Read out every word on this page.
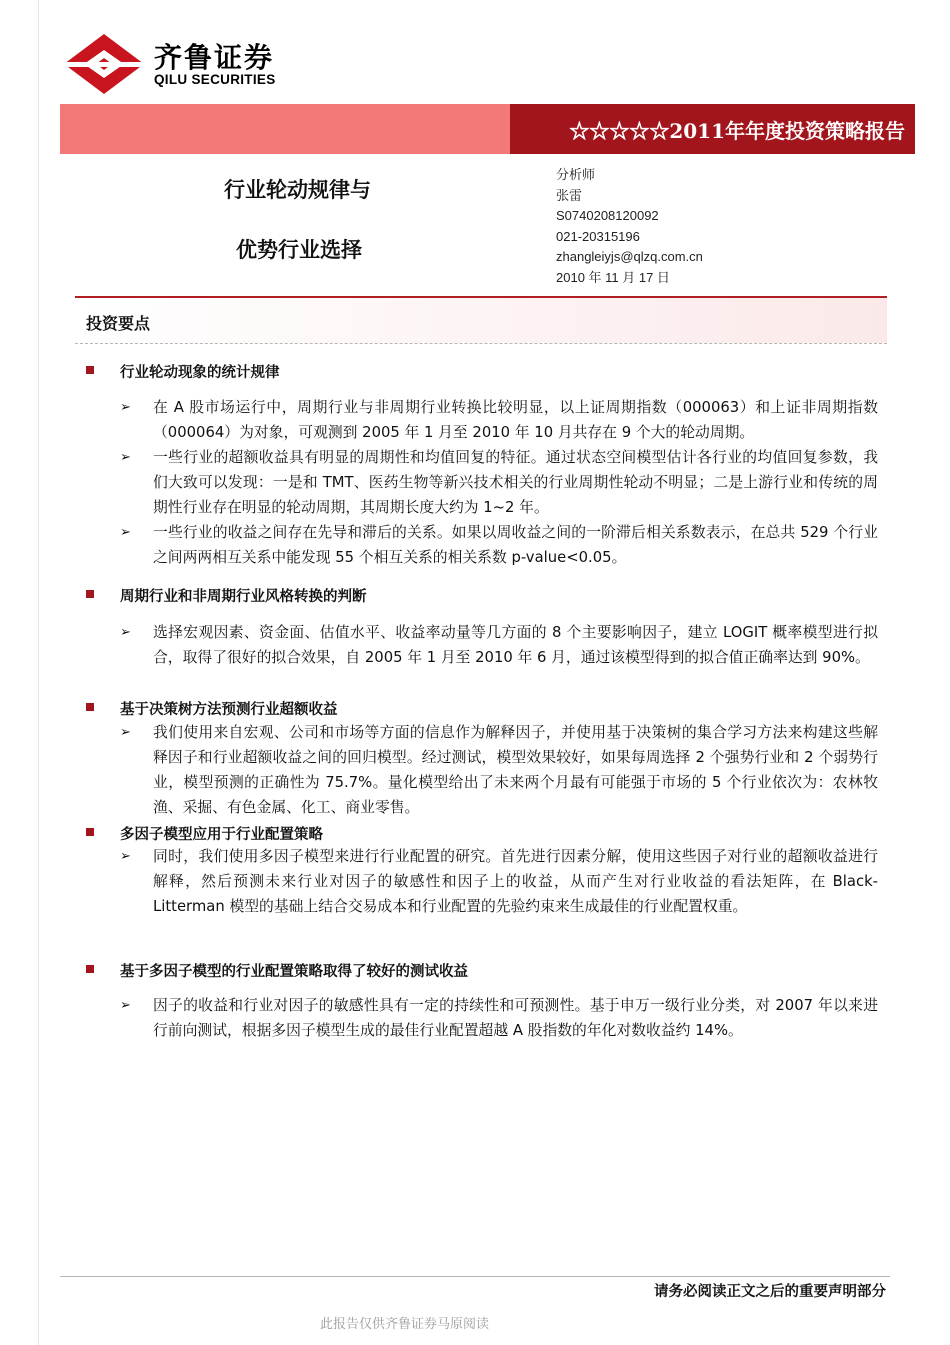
齐鲁证券
QILU SECURITIES
☆☆☆☆☆2011年年度投资策略报告
行业轮动规律与
优势行业选择
分析师
张雷
S0740208120092
021-20315196
zhangleiyjs@qlzq.com.cn
2010 年 11 月 17 日
投资要点
行业轮动现象的统计规律
➢ 在 A 股市场运行中，周期行业与非周期行业转换比较明显，以上证周期指数（000063）和上证非周期指数（000064）为对象，可观测到 2005 年 1 月至 2010 年 10 月共存在 9 个大的轮动周期。
➢ 一些行业的超额收益具有明显的周期性和均值回复的特征。通过状态空间模型估计各行业的均值回复参数，我们大致可以发现：一是和 TMT、医药生物等新兴技术相关的行业周期性轮动不明显；二是上游行业和传统的周期性行业存在明显的轮动周期，其周期长度大约为 1~2 年。
➢ 一些行业的收益之间存在先导和滞后的关系。如果以周收益之间的一阶滞后相关系数表示，在总共 529 个行业之间两两相互关系中能发现 55 个相互关系的相关系数 p-value<0.05。
周期行业和非周期行业风格转换的判断
➢ 选择宏观因素、资金面、估值水平、收益率动量等几方面的 8 个主要影响因子，建立 LOGIT 概率模型进行拟合，取得了很好的拟合效果，自 2005 年 1 月至 2010 年 6 月，通过该模型得到的拟合值正确率达到 90%。
基于决策树方法预测行业超额收益
➢ 我们使用来自宏观、公司和市场等方面的信息作为解释因子，并使用基于决策树的集合学习方法来构建这些解释因子和行业超额收益之间的回归模型。经过测试，模型效果较好，如果每周选择 2 个强势行业和 2 个弱势行业，模型预测的正确性为 75.7%。量化模型给出了未来两个月最有可能强于市场的 5 个行业依次为：农林牧渔、采掘、有色金属、化工、商业零售。
多因子模型应用于行业配置策略
➢ 同时，我们使用多因子模型来进行行业配置的研究。首先进行因素分解，使用这些因子对行业的超额收益进行解释，然后预测未来行业对因子的敏感性和因子上的收益，从而产生对行业收益的看法矩阵，在 Black-Litterman 模型的基础上结合交易成本和行业配置的先验约束来生成最佳的行业配置权重。
基于多因子模型的行业配置策略取得了较好的测试收益
➢ 因子的收益和行业对因子的敏感性具有一定的持续性和可预测性。基于申万一级行业分类，对 2007 年以来进行前向测试，根据多因子模型生成的最佳行业配置超越 A 股指数的年化对数收益约 14%。
请务必阅读正文之后的重要声明部分
此报告仅供齐鲁证券马原阅读
